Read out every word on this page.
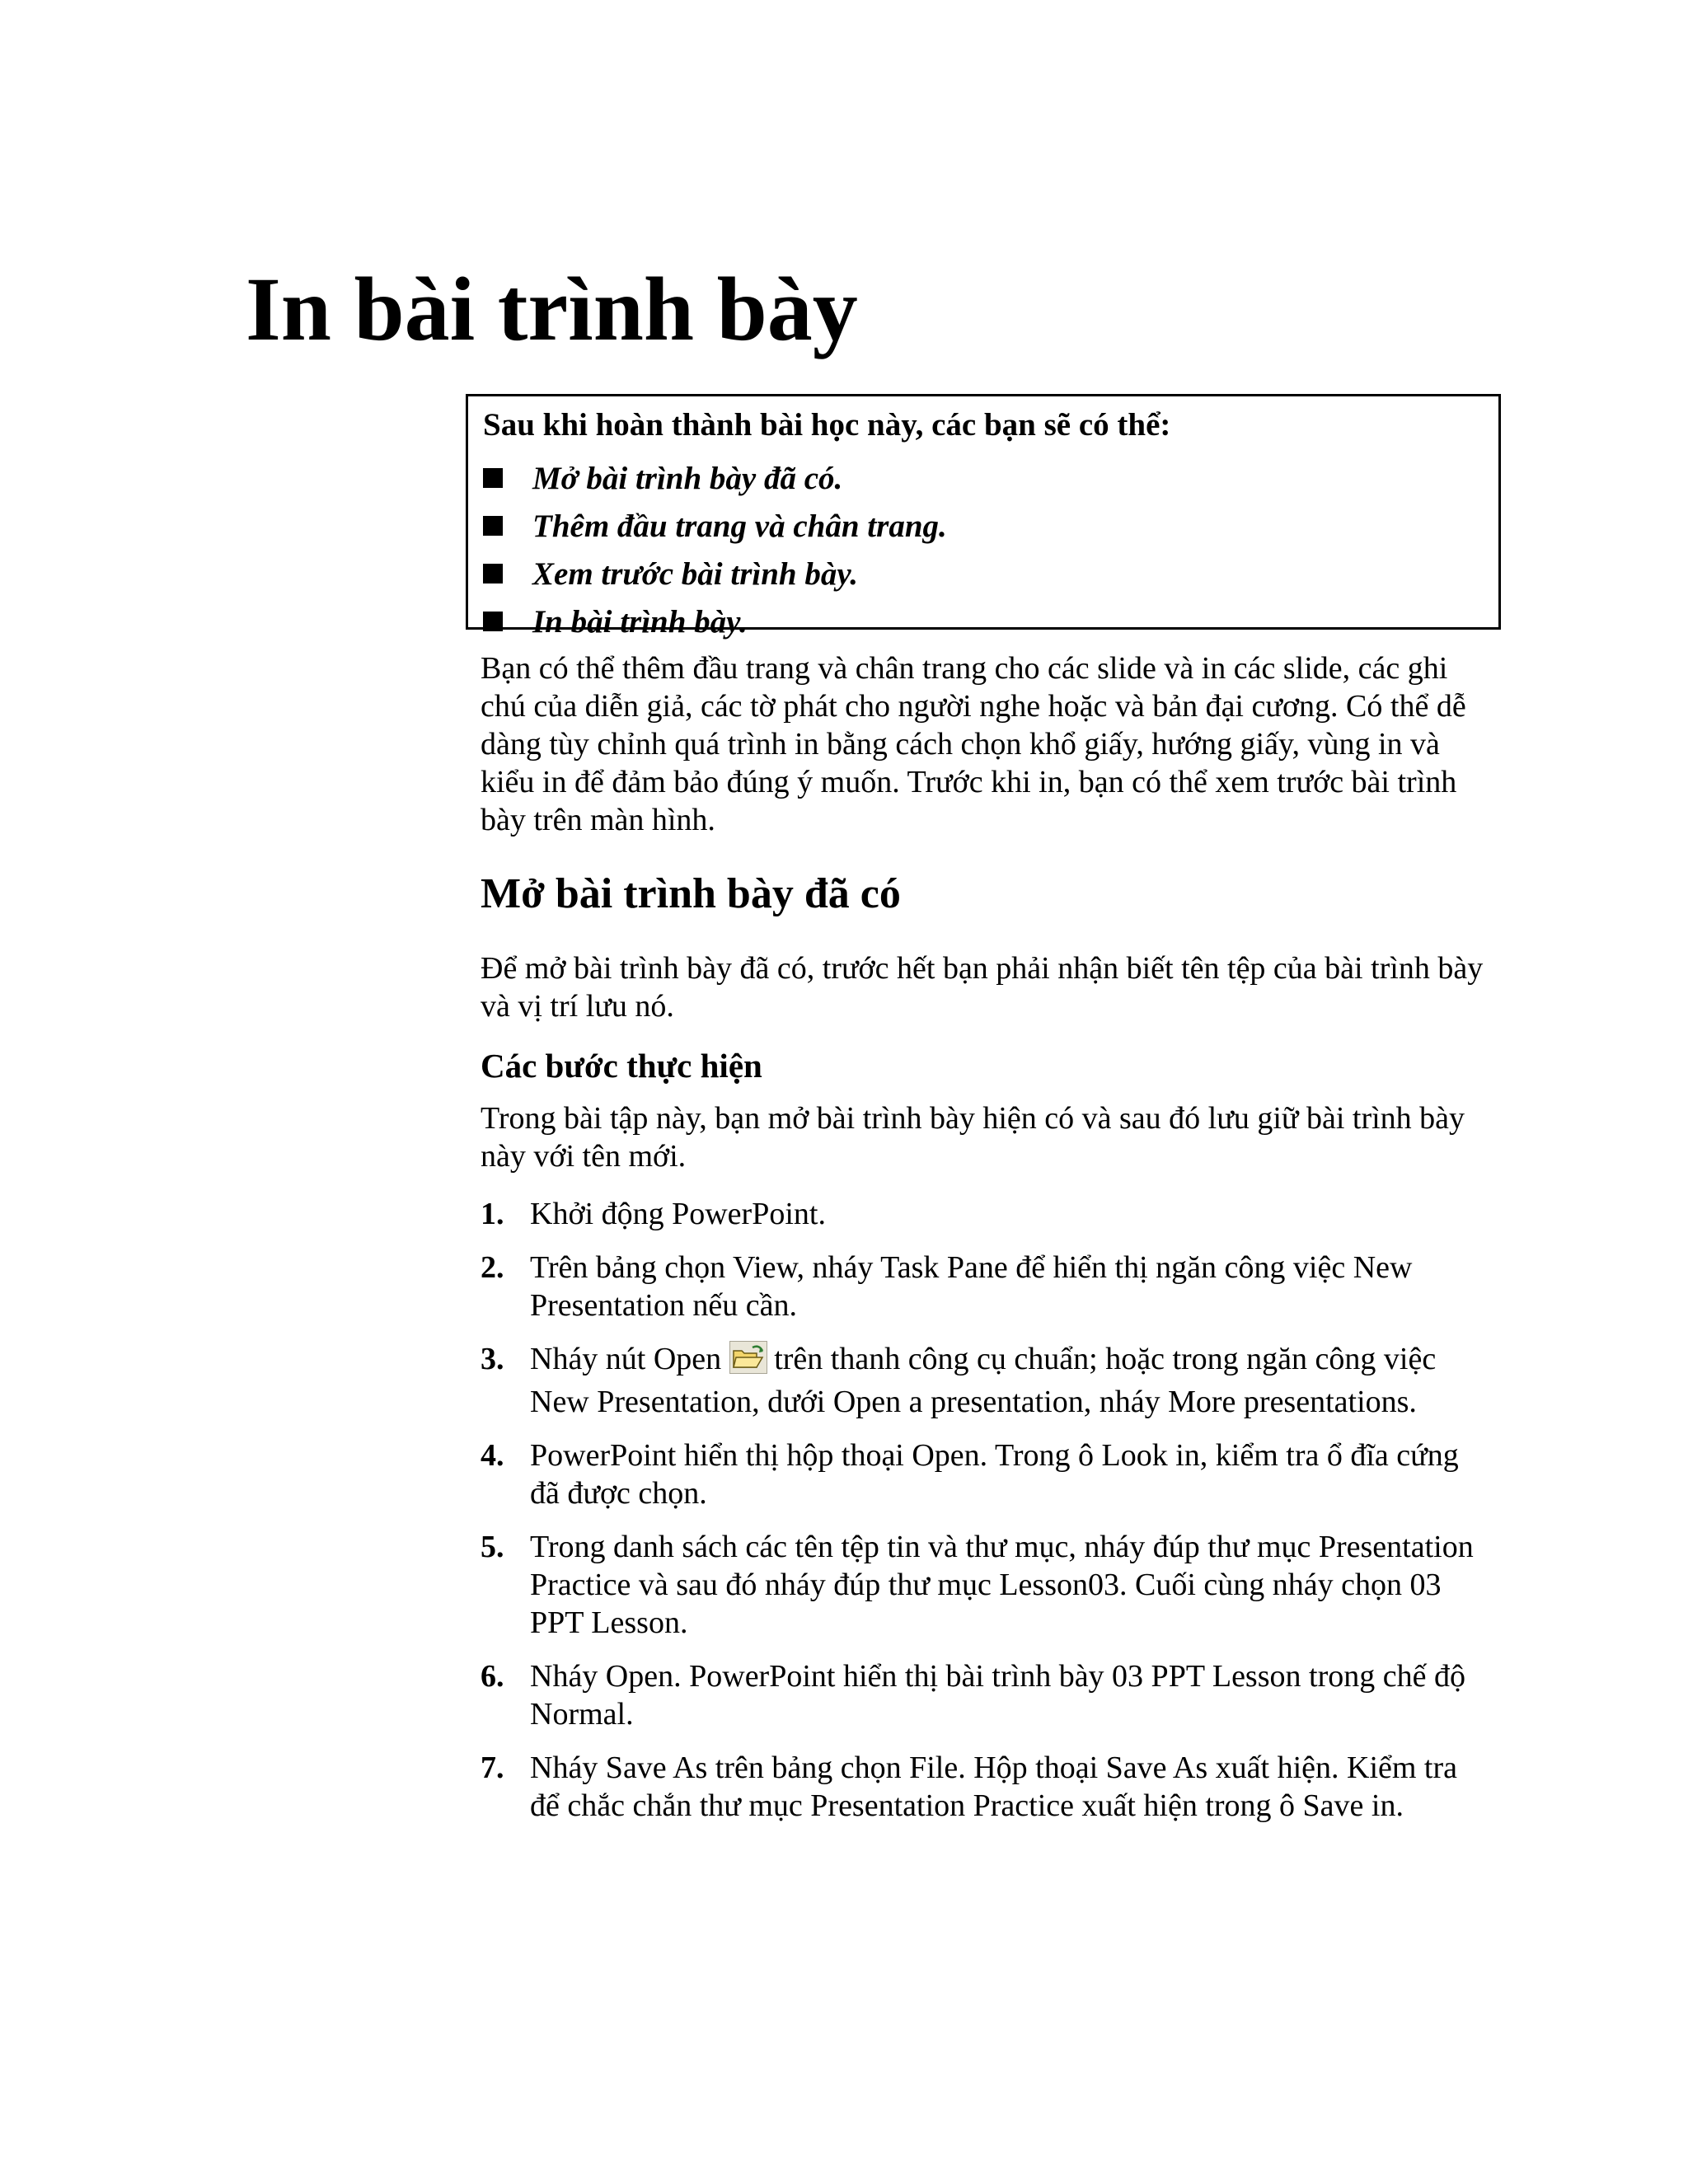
In bài trình bày
Sau khi hoàn thành bài học này, các bạn sẽ có thể:
Mở bài trình bày đã có.
Thêm đầu trang và chân trang.
Xem trước bài trình bày.
In bài trình bày.

Bạn có thể thêm đầu trang và chân trang cho các slide và in các slide, các ghi chú của diễn giả, các tờ phát cho người nghe hoặc và bản đại cương. Có thể dễ dàng tùy chỉnh quá trình in bằng cách chọn khổ giấy, hướng giấy, vùng in và kiểu in để đảm bảo đúng ý muốn. Trước khi in, bạn có thể xem trước bài trình bày trên màn hình.

Mở bài trình bày đã có

Để mở bài trình bày đã có, trước hết bạn phải nhận biết tên tệp của bài trình bày và vị trí lưu nó.

Các bước thực hiện

Trong bài tập này, bạn mở bài trình bày hiện có và sau đó lưu giữ bài trình bày này với tên mới.

1. Khởi động PowerPoint.
2. Trên bảng chọn View, nháy Task Pane để hiển thị ngăn công việc New Presentation nếu cần.
3. Nháy nút Open trên thanh công cụ chuẩn; hoặc trong ngăn công việc New Presentation, dưới Open a presentation, nháy More presentations.
4. PowerPoint hiển thị hộp thoại Open. Trong ô Look in, kiểm tra ổ đĩa cứng đã được chọn.
5. Trong danh sách các tên tệp tin và thư mục, nháy đúp thư mục Presentation Practice và sau đó nháy đúp thư mục Lesson03. Cuối cùng nháy chọn 03 PPT Lesson.
6. Nháy Open. PowerPoint hiển thị bài trình bày 03 PPT Lesson trong chế độ Normal.
7. Nháy Save As trên bảng chọn File. Hộp thoại Save As xuất hiện. Kiểm tra để chắc chắn thư mục Presentation Practice xuất hiện trong ô Save in.
